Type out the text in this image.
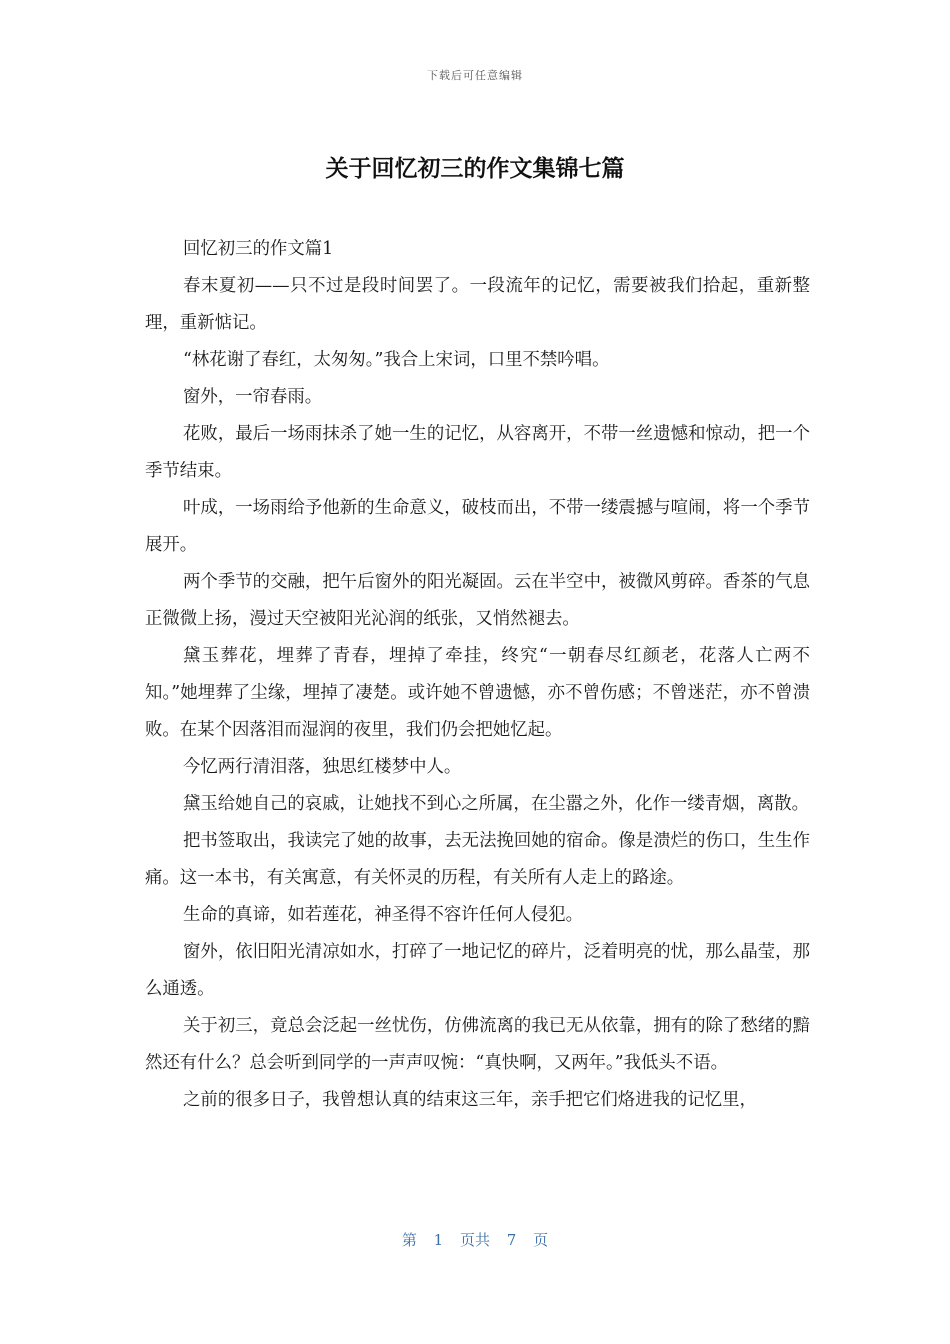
下载后可任意编辑
关于回忆初三的作文集锦七篇

回忆初三的作文篇1

春末夏初——只不过是段时间罢了。一段流年的记忆，需要被我们拾起，重新整理，重新惦记。

“林花谢了春红，太匆匆。”我合上宋词，口里不禁吟唱。

窗外，一帘春雨。

花败，最后一场雨抹杀了她一生的记忆，从容离开，不带一丝遗憾和惊动，把一个季节结束。

叶成，一场雨给予他新的生命意义，破枝而出，不带一缕震撼与喧闹，将一个季节展开。

两个季节的交融，把午后窗外的阳光凝固。云在半空中，被微风剪碎。香茶的气息正微微上扬，漫过天空被阳光沁润的纸张，又悄然褪去。

黛玉葬花，埋葬了青春，埋掉了牵挂，终究“一朝春尽红颜老，花落人亡两不知。”她埋葬了尘缘，埋掉了凄楚。或许她不曾遗憾，亦不曾伤感；不曾迷茫，亦不曾溃败。在某个因落泪而湿润的夜里，我们仍会把她忆起。

今忆两行清泪落，独思红楼梦中人。

黛玉给她自己的哀戚，让她找不到心之所属，在尘嚣之外，化作一缕青烟，离散。

把书签取出，我读完了她的故事，去无法挽回她的宿命。像是溃烂的伤口，生生作痛。这一本书，有关寓意，有关怀灵的历程，有关所有人走上的路途。

生命的真谛，如若莲花，神圣得不容许任何人侵犯。

窗外，依旧阳光清凉如水，打碎了一地记忆的碎片，泛着明亮的忧，那么晶莹，那么通透。

关于初三，竟总会泛起一丝忧伤，仿佛流离的我已无从依靠，拥有的除了愁绪的黯然还有什么？总会听到同学的一声声叹惋：“真快啊，又两年。”我低头不语。

之前的很多日子，我曾想认真的结束这三年，亲手把它们烙进我的记忆里，

第 1 页共 7 页
